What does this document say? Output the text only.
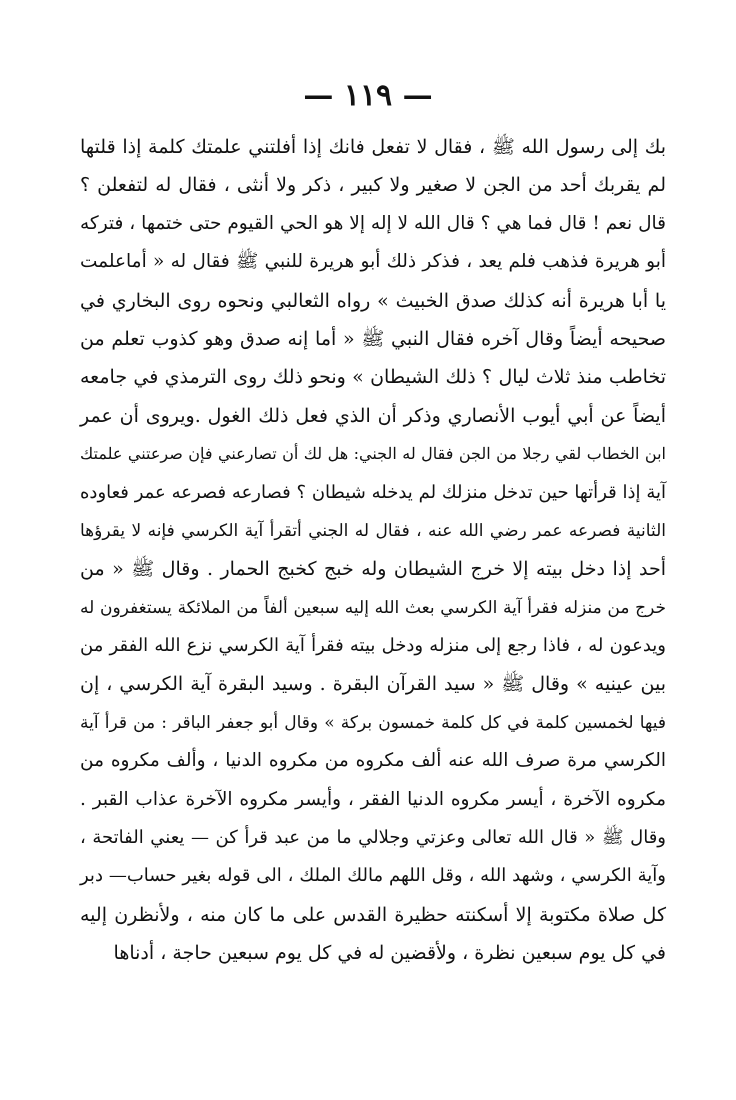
— ١١٩ —
بك إلى رسول الله ﷺ ، فقال لا تفعل فانك إذا أفلتني علمتك كلمة إذا قلتها
لم يقربك أحد من الجن لا صغير ولا كبير ، ذكر ولا أنثى ، فقال له لتفعلن ؟
قال نعم ! قال فما هي ؟ قال الله لا إله إلا هو الحي القيوم حتى ختمها ، فتركه
أبو هريرة فذهب فلم يعد ، فذكر ذلك أبو هريرة للنبي ﷺ فقال له « أماعلمت
يا أبا هريرة أنه كذلك صدق الخبيث » رواه الثعالبي ونحوه روى البخاري في
صحيحه أيضاً وقال آخره فقال النبي ﷺ « أما إنه صدق وهو كذوب تعلم من
تخاطب منذ ثلاث ليال ؟ ذلك الشيطان » ونحو ذلك روى الترمذي في جامعه
أيضاً عن أبي أيوب الأنصاري وذكر أن الذي فعل ذلك الغول .ويروى أن عمر
ابن الخطاب لقي رجلا من الجن فقال له الجني: هل لك أن تصارعني فإن صرعتني علمتك
آية إذا قرأتها حين تدخل منزلك لم يدخله شيطان ؟ فصارعه فصرعه عمر فعاوده
الثانية فصرعه عمر رضي الله عنه ، فقال له الجني أتقرأ آية الكرسي فإنه لا يقرؤها
أحد إذا دخل بيته إلا خرج الشيطان وله خبج كخبج الحمار . وقال ﷺ « من
خرج من منزله فقرأ آية الكرسي بعث الله إليه سبعين ألفاً من الملائكة يستغفرون له
ويدعون له ، فاذا رجع إلى منزله ودخل بيته فقرأ آية الكرسي نزع الله الفقر من
بين عينيه » وقال ﷺ « سيد القرآن البقرة . وسيد البقرة آية الكرسي ، إن
فيها لخمسين كلمة في كل كلمة خمسون بركة » وقال أبو جعفر الباقر : من قرأ آية
الكرسي مرة صرف الله عنه ألف مكروه من مكروه الدنيا ، وألف مكروه من
مكروه الآخرة ، أيسر مكروه الدنيا الفقر ، وأيسر مكروه الآخرة عذاب القبر .
وقال ﷺ « قال الله تعالى وعزتي وجلالي ما من عبد قرأ كن — يعني الفاتحة ،
وآية الكرسي ، وشهد الله ، وقل اللهم مالك الملك ، الى قوله بغير حساب— دبر
كل صلاة مكتوبة إلا أسكنته حظيرة القدس على ما كان منه ، ولأنظرن إليه
في كل يوم سبعين نظرة ، ولأقضين له في كل يوم سبعين حاجة ، أدناها
